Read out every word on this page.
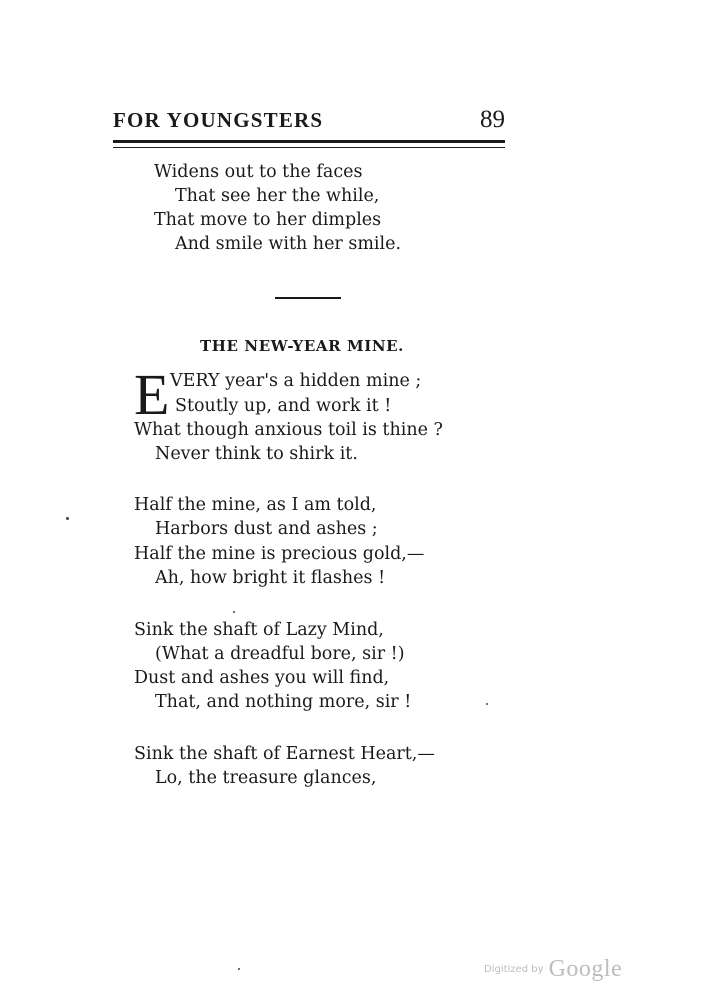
FOR YOUNGSTERS	89
Widens out to the faces
That see her the while,
That move to her dimples
And smile with her smile.
THE NEW-YEAR MINE.
E VERY year's a hidden mine ;
Stoutly up, and work it !
What though anxious toil is thine ?
Never think to shirk it.
Half the mine, as I am told,
Harbors dust and ashes ;
Half the mine is precious gold,—
Ah, how bright it flashes !
Sink the shaft of Lazy Mind,
(What a dreadful bore, sir !)
Dust and ashes you will find,
That, and nothing more, sir !
Sink the shaft of Earnest Heart,—
Lo, the treasure glances,
Digitized by Google
